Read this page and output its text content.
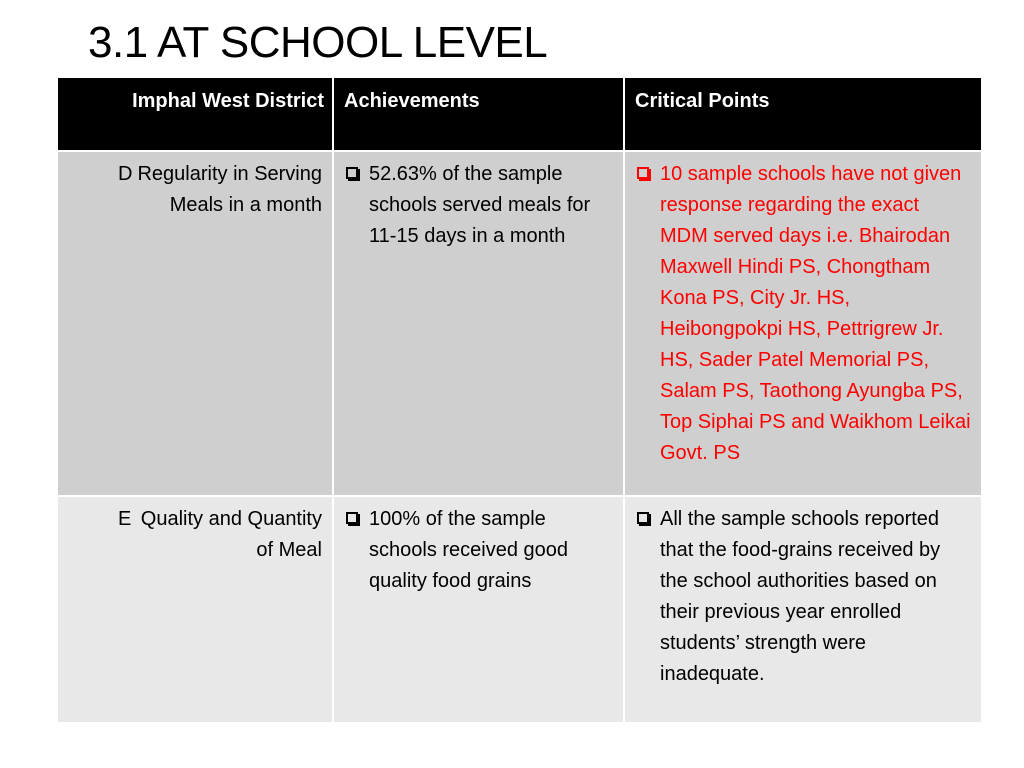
3.1 AT SCHOOL LEVEL
Imphal West District	Achievements	Critical Points

D Regularity in Serving Meals in a month	52.63% of the sample schools served meals for 11-15 days in a month	10 sample schools have not given response regarding the exact MDM served days i.e. Bhairodan Maxwell Hindi PS, Chongtham Kona PS, City Jr. HS, Heibongpokpi HS, Pettrigrew Jr. HS, Sader Patel Memorial PS, Salam PS, Taothong Ayungba PS, Top Siphai PS and Waikhom Leikai Govt. PS

E Quality and Quantity of Meal	100% of the sample schools received good quality food grains	All the sample schools reported that the food-grains received by the school authorities based on their previous year enrolled students’ strength were inadequate.
